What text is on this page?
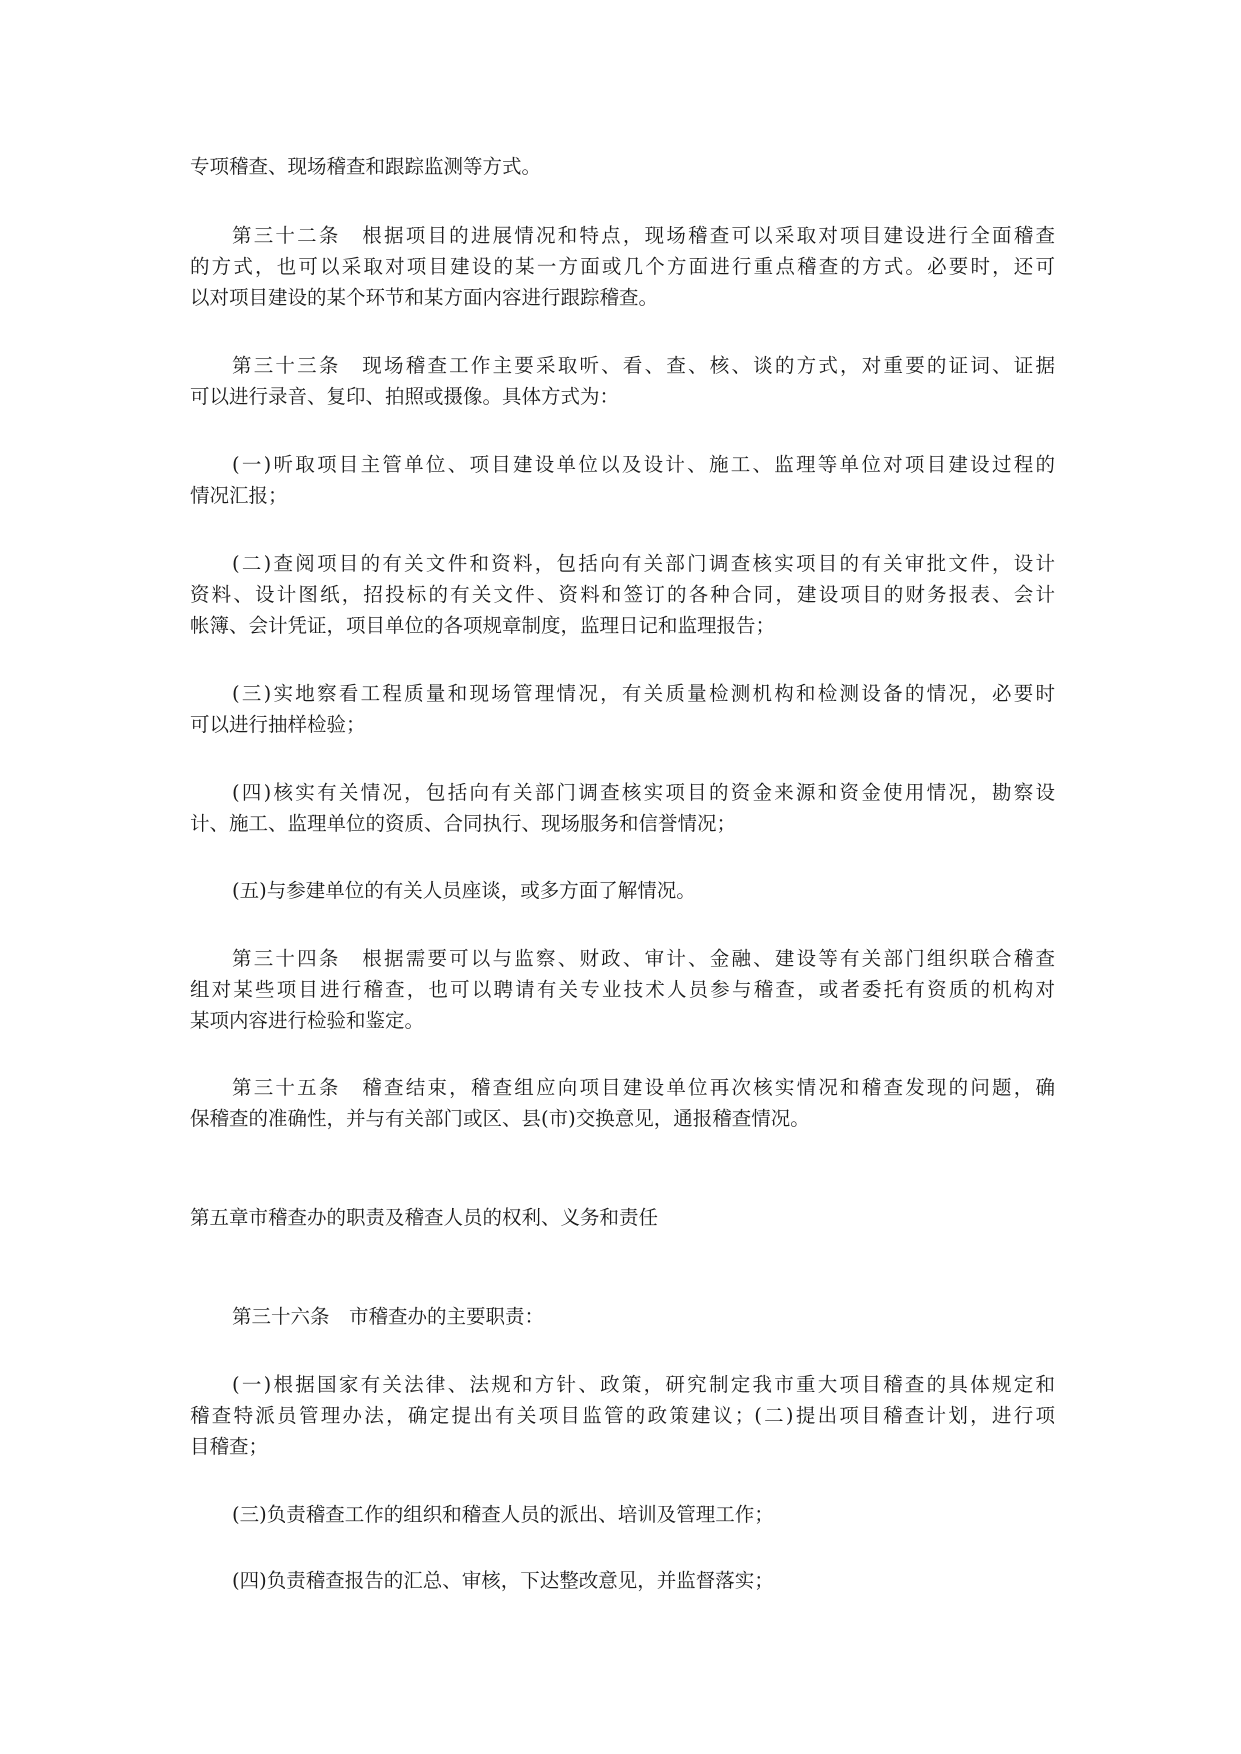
专项稽查、现场稽查和跟踪监测等方式。
第三十二条　根据项目的进展情况和特点，现场稽查可以采取对项目建设进行全面稽查
的方式，也可以采取对项目建设的某一方面或几个方面进行重点稽查的方式。必要时，还可
以对项目建设的某个环节和某方面内容进行跟踪稽查。
第三十三条　现场稽查工作主要采取听、看、查、核、谈的方式，对重要的证词、证据
可以进行录音、复印、拍照或摄像。具体方式为：
(一)听取项目主管单位、项目建设单位以及设计、施工、监理等单位对项目建设过程的
情况汇报；
(二)查阅项目的有关文件和资料，包括向有关部门调查核实项目的有关审批文件，设计
资料、设计图纸，招投标的有关文件、资料和签订的各种合同，建设项目的财务报表、会计
帐簿、会计凭证，项目单位的各项规章制度，监理日记和监理报告；
(三)实地察看工程质量和现场管理情况，有关质量检测机构和检测设备的情况，必要时
可以进行抽样检验；
(四)核实有关情况，包括向有关部门调查核实项目的资金来源和资金使用情况，勘察设
计、施工、监理单位的资质、合同执行、现场服务和信誉情况；
(五)与参建单位的有关人员座谈，或多方面了解情况。
第三十四条　根据需要可以与监察、财政、审计、金融、建设等有关部门组织联合稽查
组对某些项目进行稽查，也可以聘请有关专业技术人员参与稽查，或者委托有资质的机构对
某项内容进行检验和鉴定。
第三十五条　稽查结束，稽查组应向项目建设单位再次核实情况和稽查发现的问题，确
保稽查的准确性，并与有关部门或区、县(市)交换意见，通报稽查情况。
第五章市稽查办的职责及稽查人员的权利、义务和责任
第三十六条　市稽查办的主要职责：
(一)根据国家有关法律、法规和方针、政策，研究制定我市重大项目稽查的具体规定和
稽查特派员管理办法，确定提出有关项目监管的政策建议；(二)提出项目稽查计划，进行项
目稽查；
(三)负责稽查工作的组织和稽查人员的派出、培训及管理工作；
(四)负责稽查报告的汇总、审核，下达整改意见，并监督落实；
